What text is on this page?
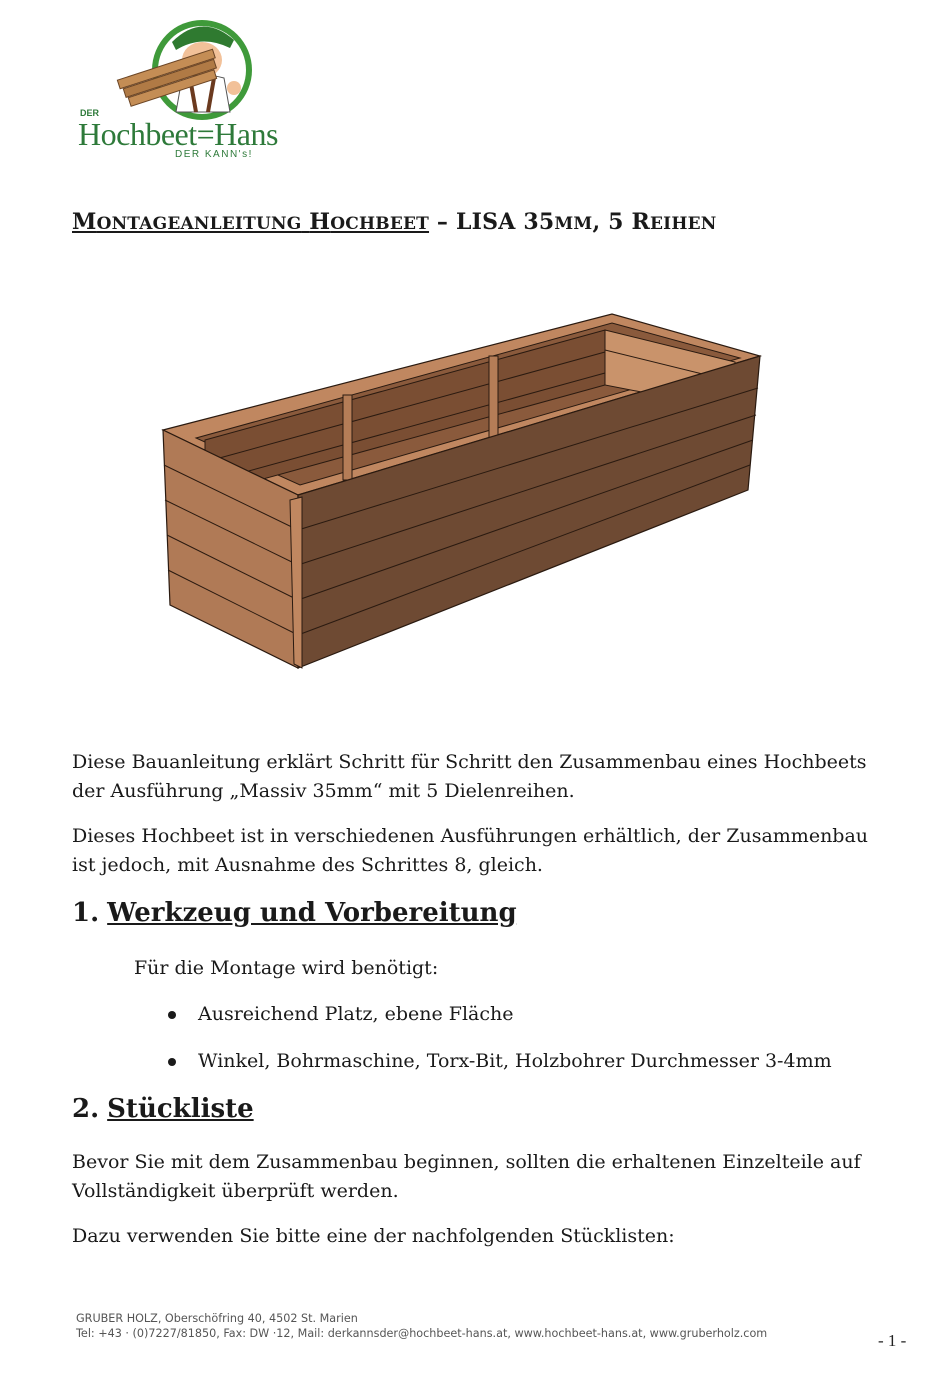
DER
Hochbeet=Hans
DER KANN's!
MONTAGEANLEITUNG HOCHBEET – LISA 35MM, 5 REIHEN
Diese Bauanleitung erklärt Schritt für Schritt den Zusammenbau eines Hochbeets der Ausführung „Massiv 35mm“ mit 5 Dielenreihen.
Dieses Hochbeet ist in verschiedenen Ausführungen erhältlich, der Zusammenbau ist jedoch, mit Ausnahme des Schrittes 8, gleich.
1. Werkzeug und Vorbereitung
Für die Montage wird benötigt:
Ausreichend Platz, ebene Fläche
Winkel, Bohrmaschine, Torx-Bit, Holzbohrer Durchmesser 3-4mm
2. Stückliste
Bevor Sie mit dem Zusammenbau beginnen, sollten die erhaltenen Einzelteile auf Vollständigkeit überprüft werden.
Dazu verwenden Sie bitte eine der nachfolgenden Stücklisten:
GRUBER HOLZ, Oberschöfring 40, 4502 St. Marien
Tel: +43 · (0)7227/81850, Fax: DW ·12, Mail: derkannsder@hochbeet-hans.at, www.hochbeet-hans.at, www.gruberholz.com	- 1 -
